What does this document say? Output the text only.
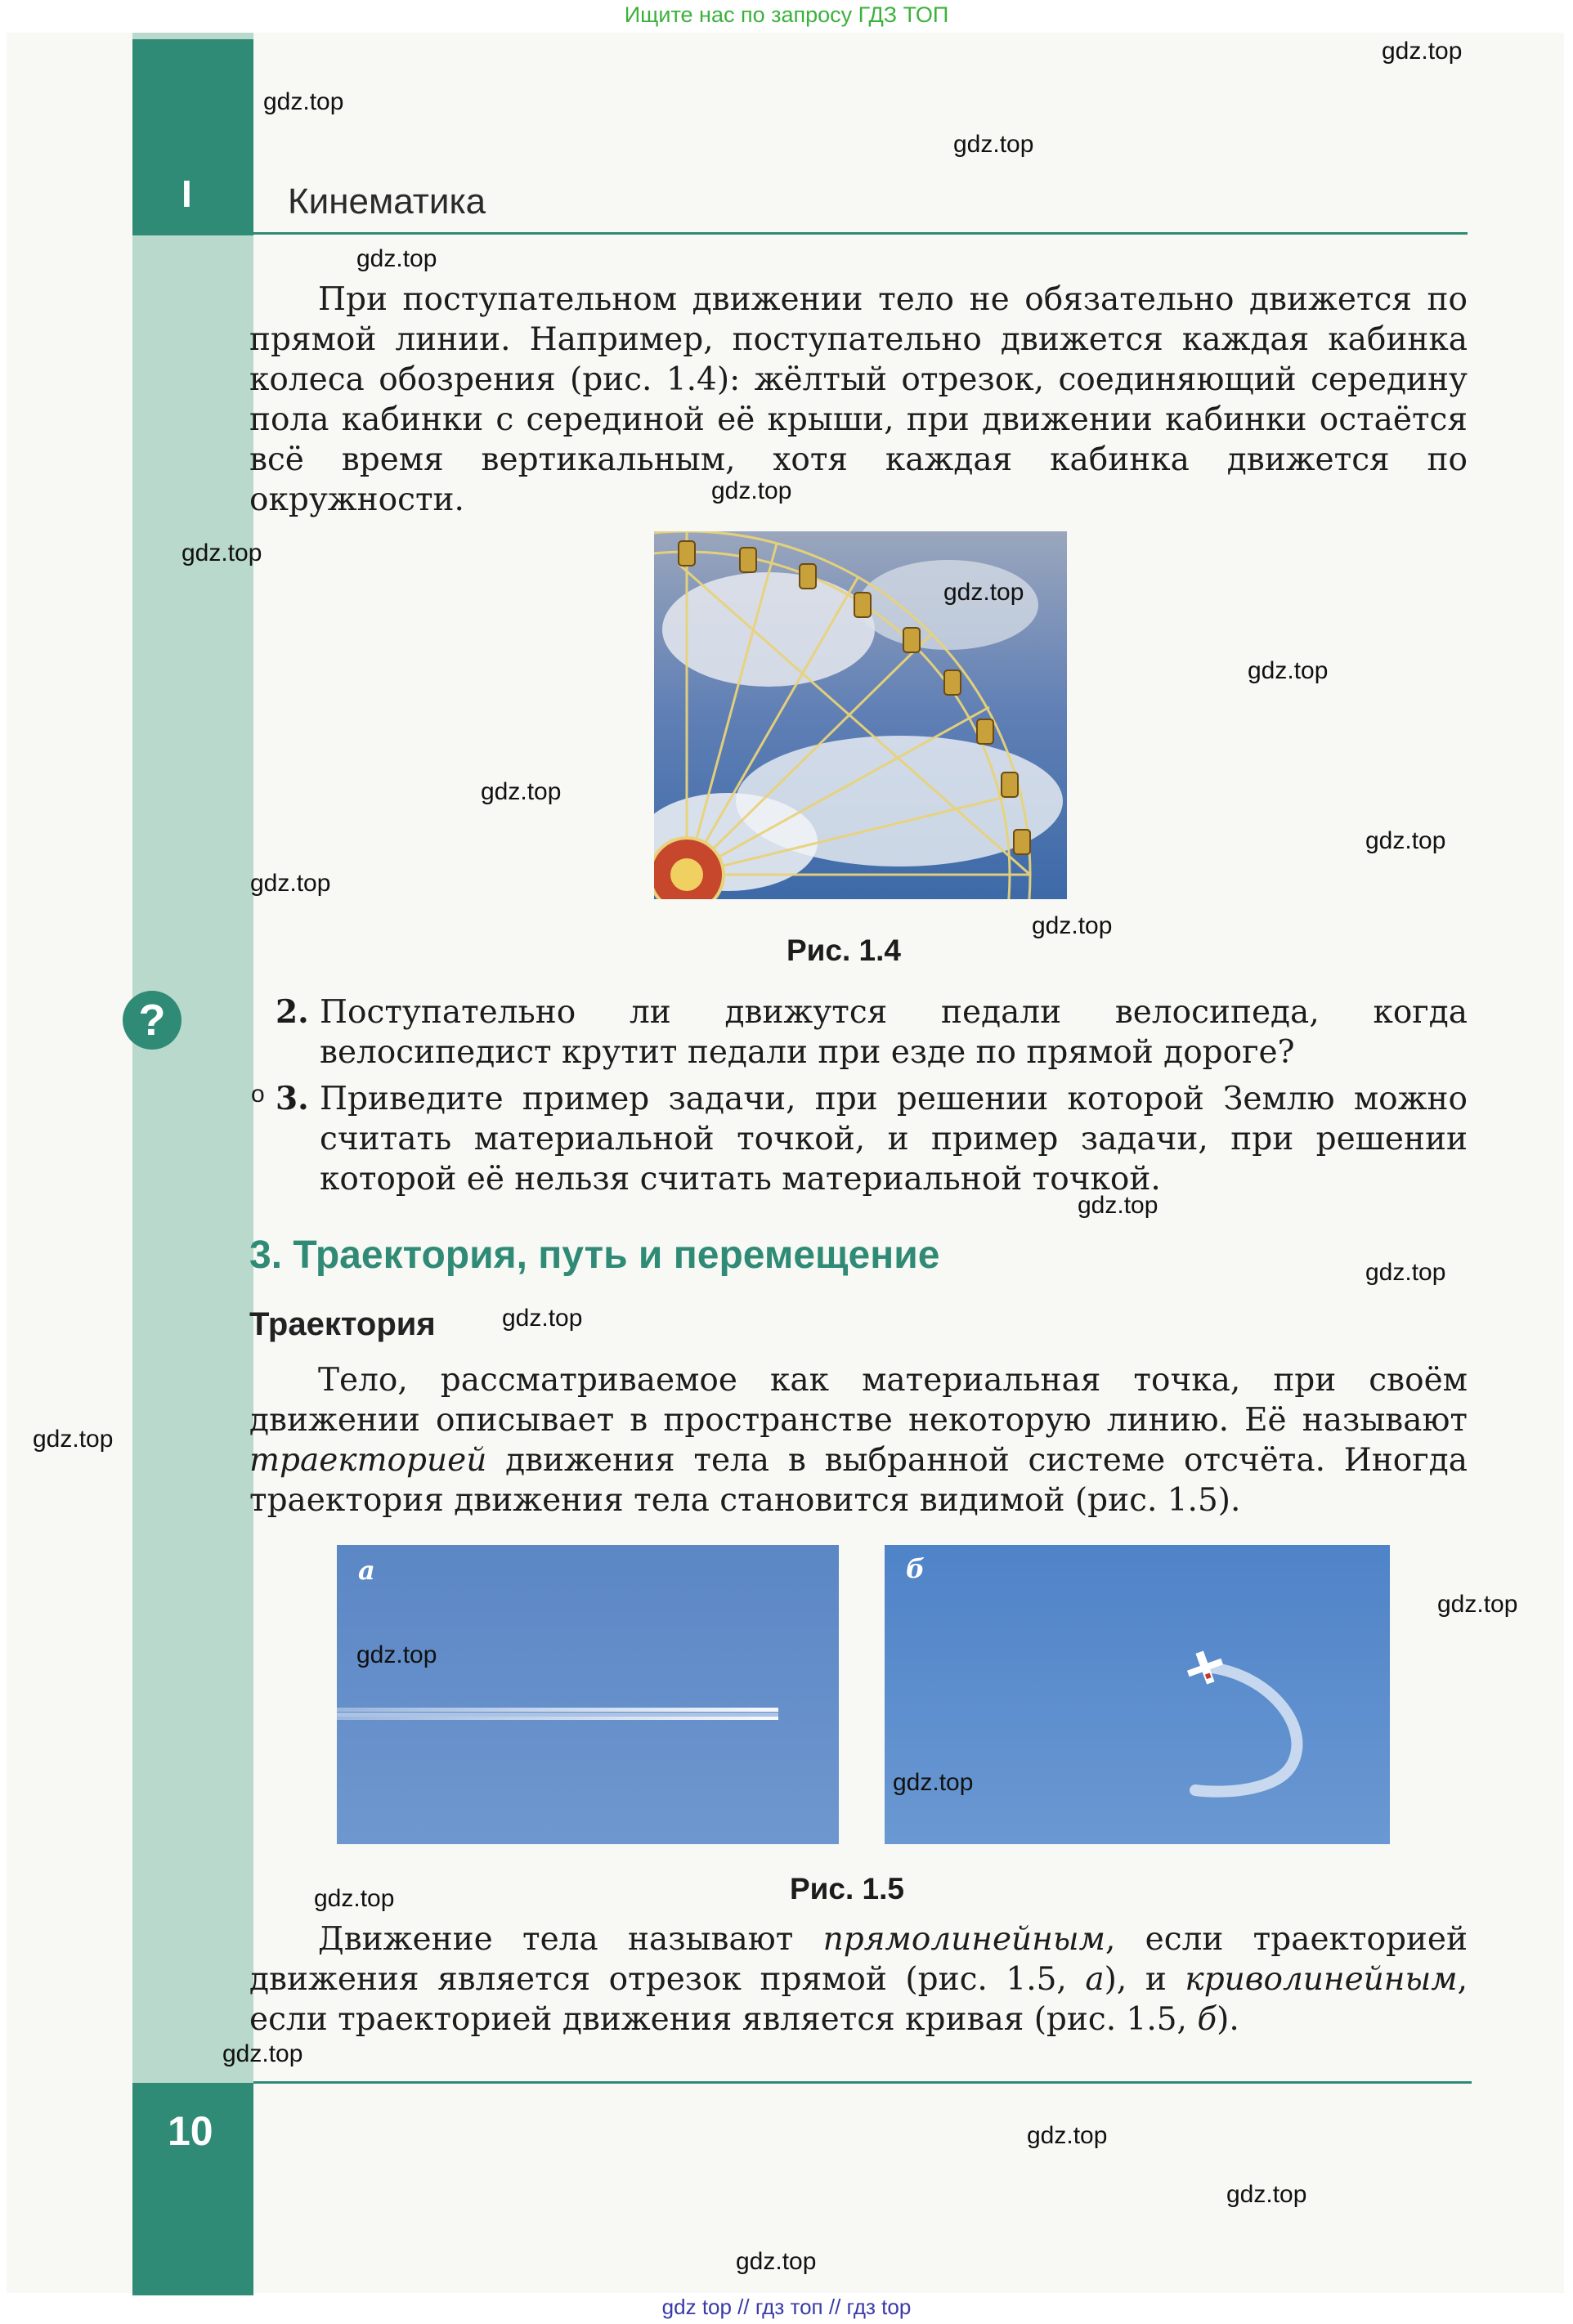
Ищите нас по запросу ГДЗ ТОП
I	Кинематика
При поступательном движении тело не обязательно движется по прямой линии. Например, поступательно движется каждая кабинка колеса обозрения (рис. 1.4): жёлтый отрезок, соединяющий середину пола кабинки с серединой её крыши, при движении кабинки остаётся всё время вертикальным, хотя каждая кабинка движется по окружности.
Рис. 1.4
?	2. Поступательно ли движутся педали велосипеда, когда велосипедист крутит педали при езде по прямой дороге?
o 3. Приведите пример задачи, при решении которой Землю можно считать материальной точкой, и пример задачи, при решении которой её нельзя считать материальной точкой.
3. Траектория, путь и перемещение
Траектория
Тело, рассматриваемое как материальная точка, при своём движении описывает в пространстве некоторую линию. Её называют траекторией движения тела в выбранной системе отсчёта. Иногда траектория движения тела становится видимой (рис. 1.5).
а	б
Рис. 1.5
Движение тела называют прямолинейным, если траекторией движения является отрезок прямой (рис. 1.5, а), и криволинейным, если траекторией движения является кривая (рис. 1.5, б).
10
gdz.top
gdz.top
gdz.top
gdz.top
gdz.top
gdz.top
gdz.top
gdz.top
gdz.top
gdz.top
gdz.top
gdz.top
gdz.top
gdz.top
gdz.top
gdz.top
gdz.top
gdz.top
gdz.top
gdz.top
gdz.top
gdz.top
gdz.top
gdz.top
gdz top // гдз топ // гдз top
